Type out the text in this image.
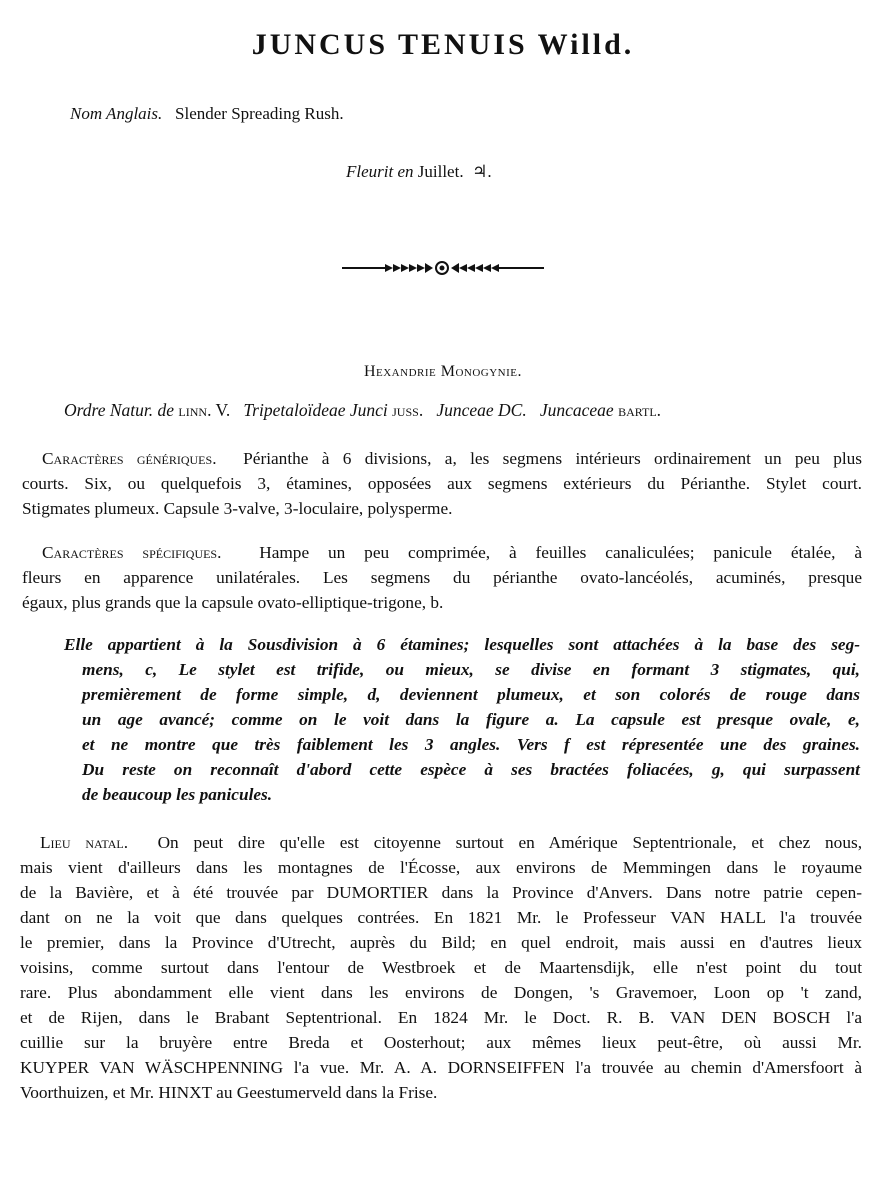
JUNCUS TENUIS Willd.
Nom Anglais. Slender Spreading Rush.
Fleurit en Juillet. ♃.
Hexandrie Monogynie.
Ordre Natur. de linn. V. Tripetaloïdeae Junci juss. Junceae DC. Juncaceae bartl.
Caractères génériques. Périanthe à 6 divisions, a, les segmens intérieurs ordinairement un peu plus
courts. Six, ou quelquefois 3, étamines, opposées aux segmens extérieurs du Périanthe. Stylet court.
Stigmates plumeux. Capsule 3-valve, 3-loculaire, polysperme.
Caractères spécifiques. Hampe un peu comprimée, à feuilles canaliculées; panicule étalée, à
fleurs en apparence unilatérales. Les segmens du périanthe ovato-lancéolés, acuminés, presque
égaux, plus grands que la capsule ovato-elliptique-trigone, b.
Elle appartient à la Sousdivision à 6 étamines; lesquelles sont attachées à la base des seg-
mens, c, Le stylet est trifide, ou mieux, se divise en formant 3 stigmates, qui,
premièrement de forme simple, d, deviennent plumeux, et son colorés de rouge dans
un age avancé; comme on le voit dans la figure a. La capsule est presque ovale, e,
et ne montre que très faiblement les 3 angles. Vers f est répresentée une des graines.
Du reste on reconnaît d'abord cette espèce à ses bractées foliacées, g, qui surpassent
de beaucoup les panicules.
Lieu natal. On peut dire qu'elle est citoyenne surtout en Amérique Septentrionale, et chez nous,
mais vient d'ailleurs dans les montagnes de l'Écosse, aux environs de Memmingen dans le royaume
de la Bavière, et à été trouvée par DUMORTIER dans la Province d'Anvers. Dans notre patrie cepen-
dant on ne la voit que dans quelques contrées. En 1821 Mr. le Professeur VAN HALL l'a trouvée
le premier, dans la Province d'Utrecht, auprès du Bild; en quel endroit, mais aussi en d'autres lieux
voisins, comme surtout dans l'entour de Westbroek et de Maartensdijk, elle n'est point du tout
rare. Plus abondamment elle vient dans les environs de Dongen, 's Gravemoer, Loon op 't zand,
et de Rijen, dans le Brabant Septentrional. En 1824 Mr. le Doct. R. B. VAN DEN BOSCH l'a
cuillie sur la bruyère entre Breda et Oosterhout; aux mêmes lieux peut-être, où aussi Mr.
KUYPER VAN WÄSCHPENNING l'a vue. Mr. A. A. DORNSEIFFEN l'a trouvée au chemin d'Amersfoort à
Voorthuizen, et Mr. HINXT au Geestumerveld dans la Frise.
